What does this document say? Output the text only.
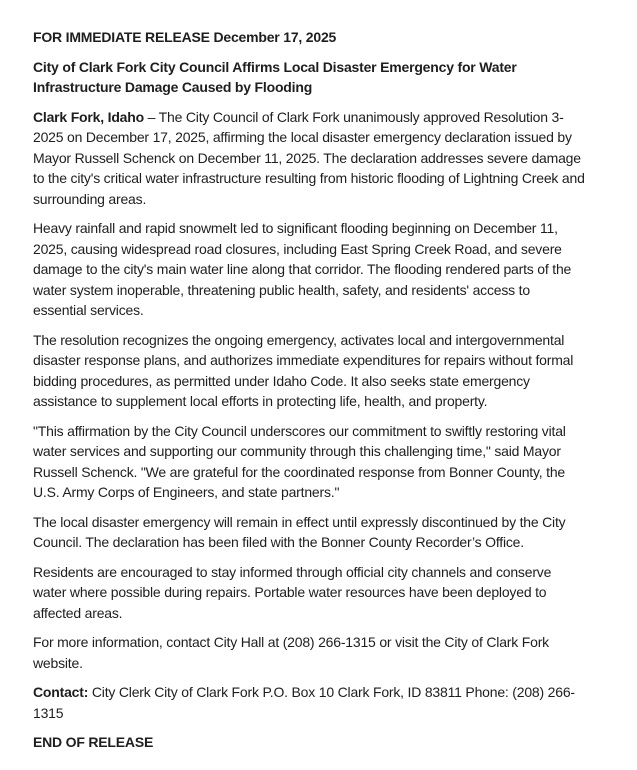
FOR IMMEDIATE RELEASE December 17, 2025

City of Clark Fork City Council Affirms Local Disaster Emergency for Water Infrastructure Damage Caused by Flooding

Clark Fork, Idaho – The City Council of Clark Fork unanimously approved Resolution 3-2025 on December 17, 2025, affirming the local disaster emergency declaration issued by Mayor Russell Schenck on December 11, 2025. The declaration addresses severe damage to the city's critical water infrastructure resulting from historic flooding of Lightning Creek and surrounding areas.

Heavy rainfall and rapid snowmelt led to significant flooding beginning on December 11, 2025, causing widespread road closures, including East Spring Creek Road, and severe damage to the city's main water line along that corridor. The flooding rendered parts of the water system inoperable, threatening public health, safety, and residents' access to essential services.

The resolution recognizes the ongoing emergency, activates local and intergovernmental disaster response plans, and authorizes immediate expenditures for repairs without formal bidding procedures, as permitted under Idaho Code. It also seeks state emergency assistance to supplement local efforts in protecting life, health, and property.

"This affirmation by the City Council underscores our commitment to swiftly restoring vital water services and supporting our community through this challenging time," said Mayor Russell Schenck. "We are grateful for the coordinated response from Bonner County, the U.S. Army Corps of Engineers, and state partners."

The local disaster emergency will remain in effect until expressly discontinued by the City Council. The declaration has been filed with the Bonner County Recorder’s Office.

Residents are encouraged to stay informed through official city channels and conserve water where possible during repairs. Portable water resources have been deployed to affected areas.

For more information, contact City Hall at (208) 266-1315 or visit the City of Clark Fork website.

Contact: City Clerk City of Clark Fork P.O. Box 10 Clark Fork, ID 83811 Phone: (208) 266-1315

END OF RELEASE
